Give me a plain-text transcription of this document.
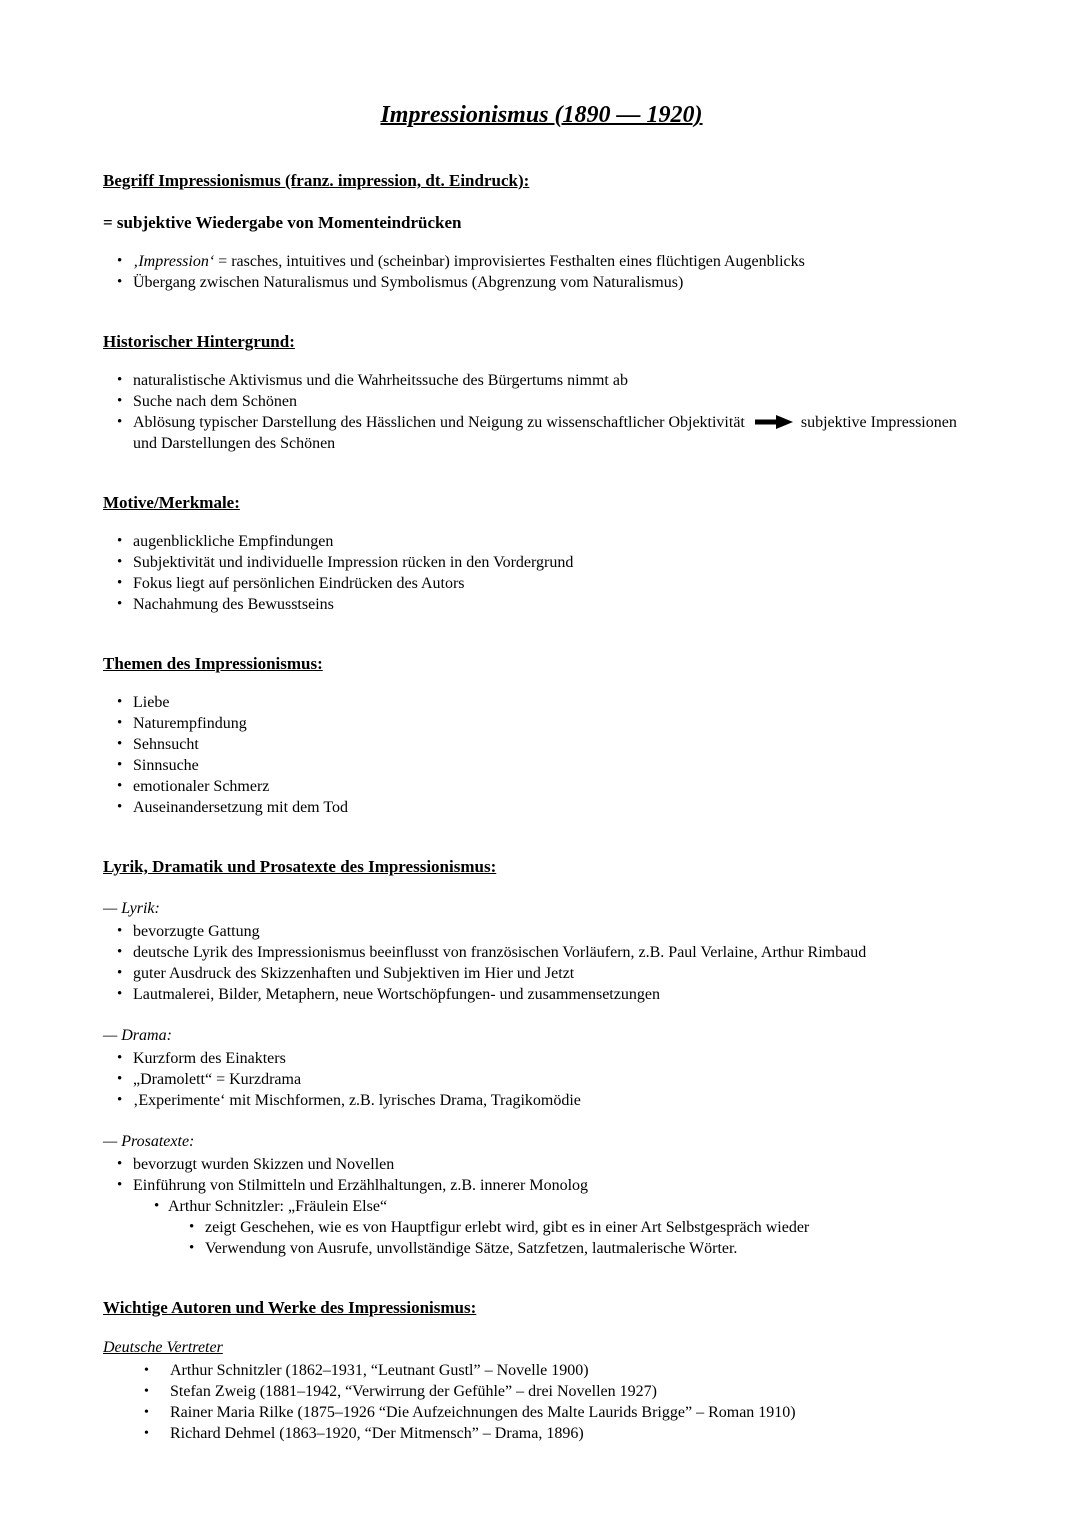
Impressionismus (1890 — 1920)
Begriff Impressionismus (franz. impression, dt. Eindruck):

= subjektive Wiedergabe von Momenteindrücken

• ‚Impression‘ = rasches, intuitives und (scheinbar) improvisiertes Festhalten eines flüchtigen Augenblicks
• Übergang zwischen Naturalismus und Symbolismus (Abgrenzung vom Naturalismus)
Historischer Hintergrund:
• naturalistische Aktivismus und die Wahrheitssuche des Bürgertums nimmt ab
• Suche nach dem Schönen
• Ablösung typischer Darstellung des Hässlichen und Neigung zu wissenschaftlicher Objektivität	subjektive Impressionen und Darstellungen des Schönen
Motive/Merkmale:
• augenblickliche Empfindungen
• Subjektivität und individuelle Impression rücken in den Vordergrund
• Fokus liegt auf persönlichen Eindrücken des Autors
• Nachahmung des Bewusstseins
Themen des Impressionismus:
• Liebe
• Naturempfindung
• Sehnsucht
• Sinnsuche
• emotionaler Schmerz
• Auseinandersetzung mit dem Tod
Lyrik, Dramatik und Prosatexte des Impressionismus:

— Lyrik:

• bevorzugte Gattung
• deutsche Lyrik des Impressionismus beeinflusst von französischen Vorläufern, z.B. Paul Verlaine, Arthur Rimbaud
• guter Ausdruck des Skizzenhaften und Subjektiven im Hier und Jetzt
• Lautmalerei, Bilder, Metaphern, neue Wortschöpfungen- und zusammensetzungen

— Drama:

• Kurzform des Einakters
• „Dramolett“ = Kurzdrama
• ‚Experimente‘ mit Mischformen, z.B. lyrisches Drama, Tragikomödie

— Prosatexte:

• bevorzugt wurden Skizzen und Novellen
• Einführung von Stilmitteln und Erzählhaltungen, z.B. innerer Monolog
• Arthur Schnitzler: „Fräulein Else“
• zeigt Geschehen, wie es von Hauptfigur erlebt wird, gibt es in einer Art Selbstgespräch wieder
• Verwendung von Ausrufe, unvollständige Sätze, Satzfetzen, lautmalerische Wörter.
Wichtige Autoren und Werke des Impressionismus:

Deutsche Vertreter

• Arthur Schnitzler (1862–1931, “Leutnant Gustl” – Novelle 1900)
• Stefan Zweig (1881–1942, “Verwirrung der Gefühle” – drei Novellen 1927)
• Rainer Maria Rilke (1875–1926 “Die Aufzeichnungen des Malte Laurids Brigge” – Roman 1910)
• Richard Dehmel (1863–1920, “Der Mitmensch” – Drama, 1896)
